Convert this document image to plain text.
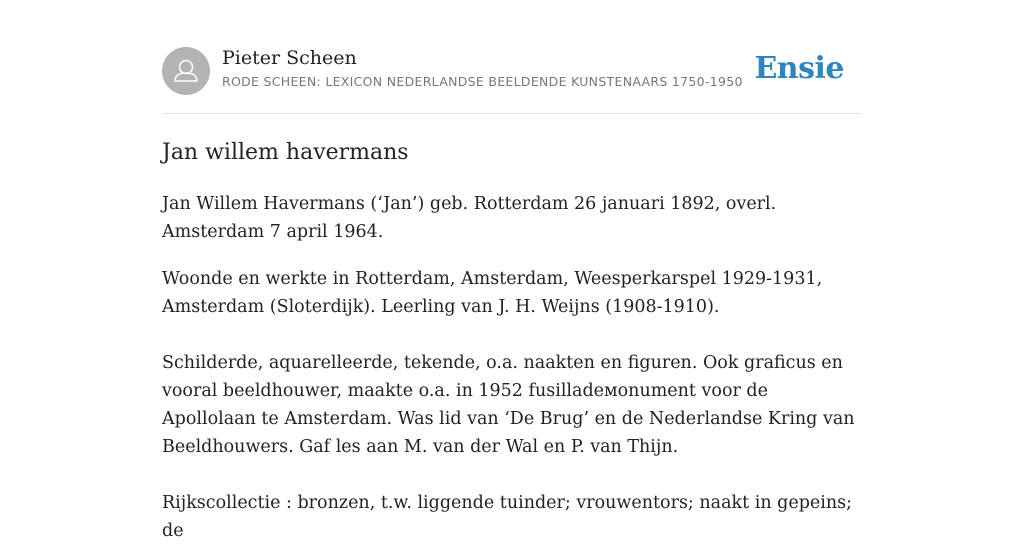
Pieter Scheen
RODE SCHEEN: LEXICON NEDERLANDSE BEELDENDE KUNSTENAARS 1750-1950 Ensie
Jan willem havermans

Jan Willem Havermans (‘Jan’) geb. Rotterdam 26 januari 1892, overl. Amsterdam 7 april 1964.

Woonde en werkte in Rotterdam, Amsterdam, Weesperkarspel 1929-1931, Amsterdam (Sloterdijk). Leerling van J. H. Weijns (1908-1910).

Schilderde, aquarelleerde, tekende, o.a. naakten en figuren. Ook graficus en vooral beeldhouwer, maakte o.a. in 1952 fusilladeмonument voor de Apollolaan te Amsterdam. Was lid van ‘De Brug’ en de Nederlandse Kring van Beeldhouwers. Gaf les aan M. van der Wal en P. van Thijn.

Rijkscollectie : bronzen, t.w. liggende tuinder; vrouwentors; naakt in gepeins; de
